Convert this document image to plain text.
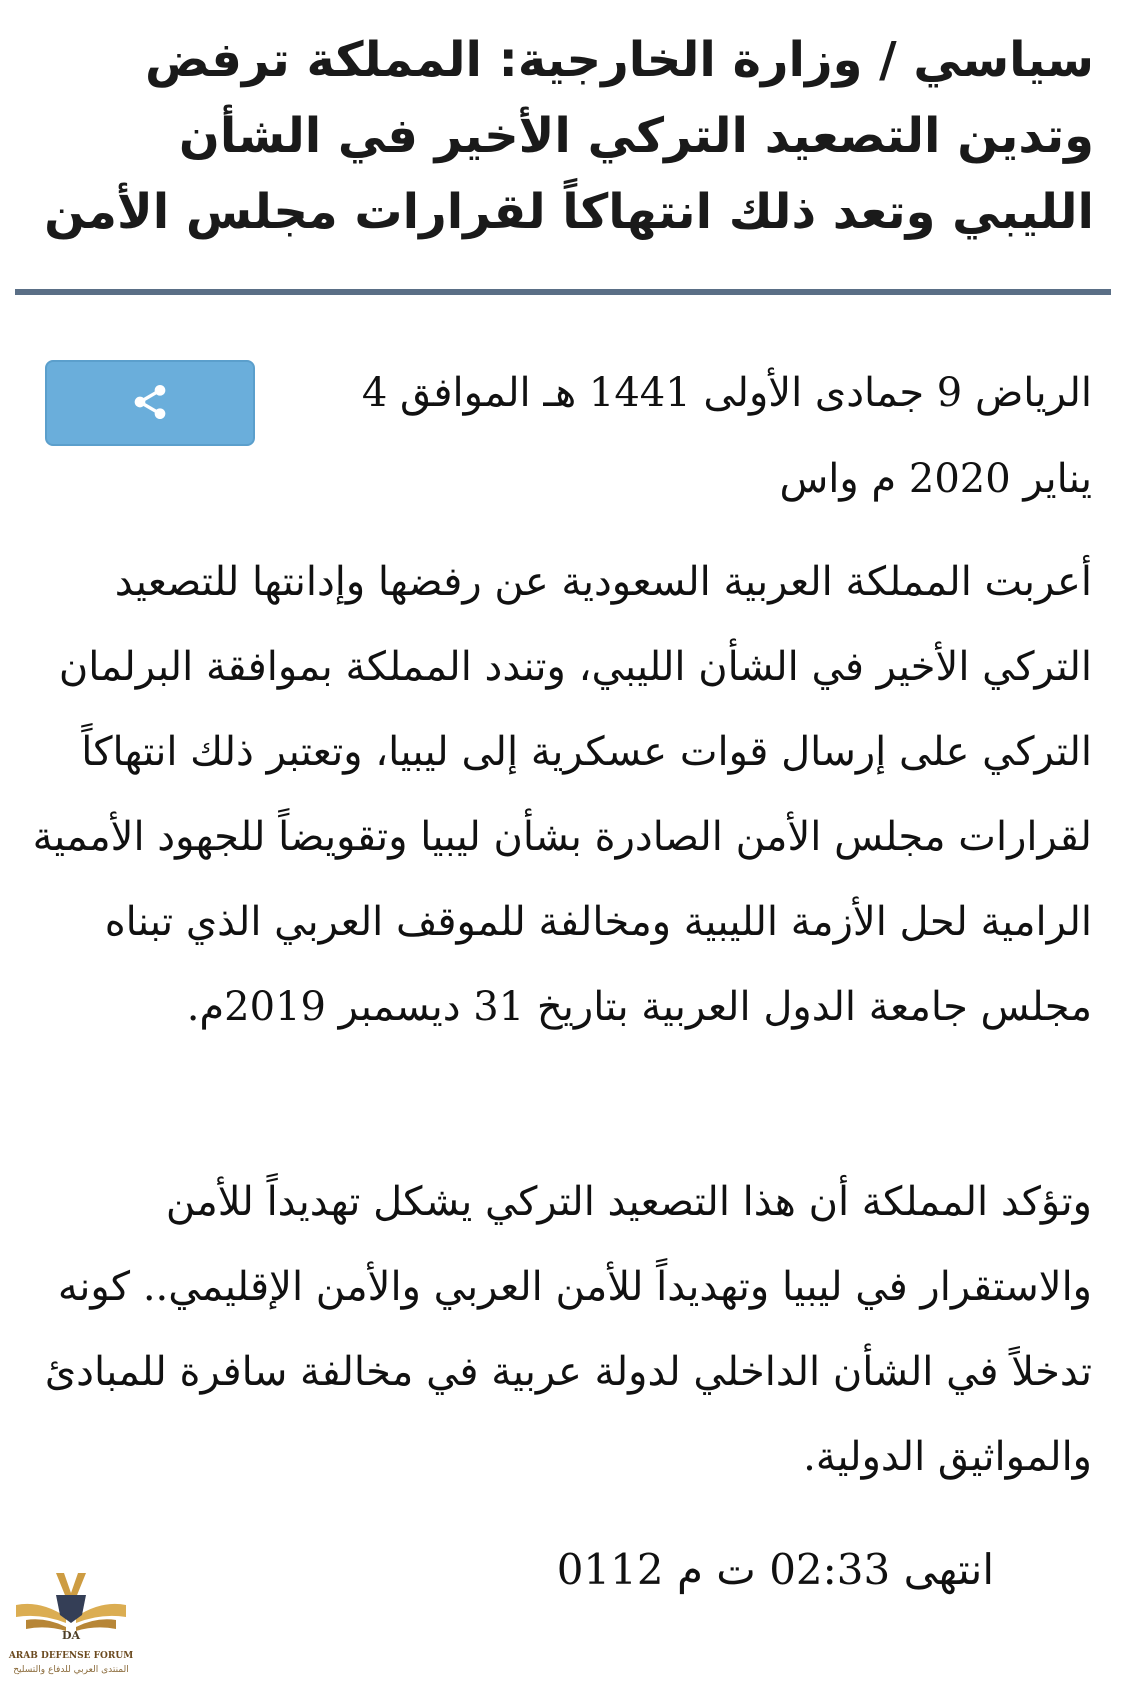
سياسي / وزارة الخارجية: المملكة ترفض وتدين التصعيد التركي الأخير في الشأن الليبي وتعد ذلك انتهاكاً لقرارات مجلس الأمن

الرياض 9 جمادى الأولى 1441 هـ الموافق 4 يناير 2020 م واس

أعربت المملكة العربية السعودية عن رفضها وإدانتها للتصعيد التركي الأخير في الشأن الليبي، وتندد المملكة بموافقة البرلمان التركي على إرسال قوات عسكرية إلى ليبيا، وتعتبر ذلك انتهاكاً لقرارات مجلس الأمن الصادرة بشأن ليبيا وتقويضاً للجهود الأممية الرامية لحل الأزمة الليبية ومخالفة للموقف العربي الذي تبناه مجلس جامعة الدول العربية بتاريخ 31 ديسمبر 2019م.

وتؤكد المملكة أن هذا التصعيد التركي يشكل تهديداً للأمن والاستقرار في ليبيا وتهديداً للأمن العربي والأمن الإقليمي.. كونه تدخلاً في الشأن الداخلي لدولة عربية في مخالفة سافرة للمبادئ والمواثيق الدولية.

انتهى 02:33 ت م 0112

DA
ARAB DEFENSE FORUM
المنتدى العربي للدفاع والتسليح
